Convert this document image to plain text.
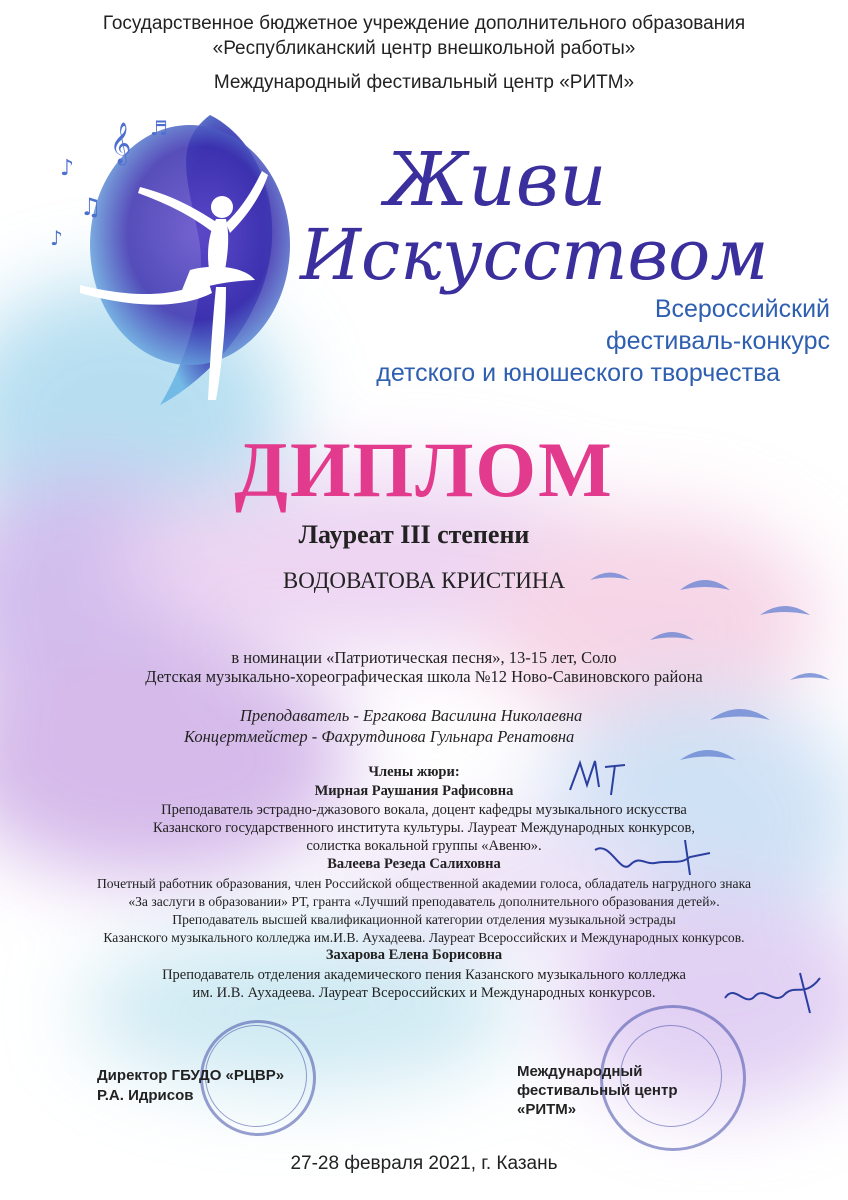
Государственное бюджетное учреждение дополнительного образования
«Республиканский центр внешкольной работы»
Международный фестивальный центр «РИТМ»
𝄞
♪
♫
♪
♬
Живи
Искусством
Всероссийский
фестиваль-конкурс
детского и юношеского творчества
ДИПЛОМ
Лауреат III степени
ВОДОВАТОВА КРИСТИНА
в номинации «Патриотическая песня», 13-15 лет, Соло
Детская музыкально-хореографическая школа №12 Ново-Савиновского района
Преподаватель - Ергакова Василина Николаевна
Концертмейстер - Фахрутдинова Гульнара Ренатовна
Члены жюри:
Мирная Раушания Рафисовна
Преподаватель эстрадно-джазового вокала, доцент кафедры музыкального искусства
Казанского государственного института культуры. Лауреат Международных конкурсов,
солистка вокальной группы «Авеню».
Валеева Резеда Салиховна
Почетный работник образования, член Российской общественной академии голоса, обладатель нагрудного знака
«За заслуги в образовании» РТ, гранта «Лучший преподаватель дополнительного образования детей».
Преподаватель высшей квалификационной категории отделения музыкальной эстрады
Казанского музыкального колледжа им.И.В. Аухадеева. Лауреат Всероссийских и Международных конкурсов.
Захарова Елена Борисовна
Преподаватель отделения академического пения Казанского музыкального колледжа
им. И.В. Аухадеева. Лауреат Всероссийских и Международных конкурсов.
Директор ГБУДО «РЦВР»
Р.А. Идрисов
Международный
фестивальный центр
«РИТМ»
27-28 февраля 2021, г. Казань
